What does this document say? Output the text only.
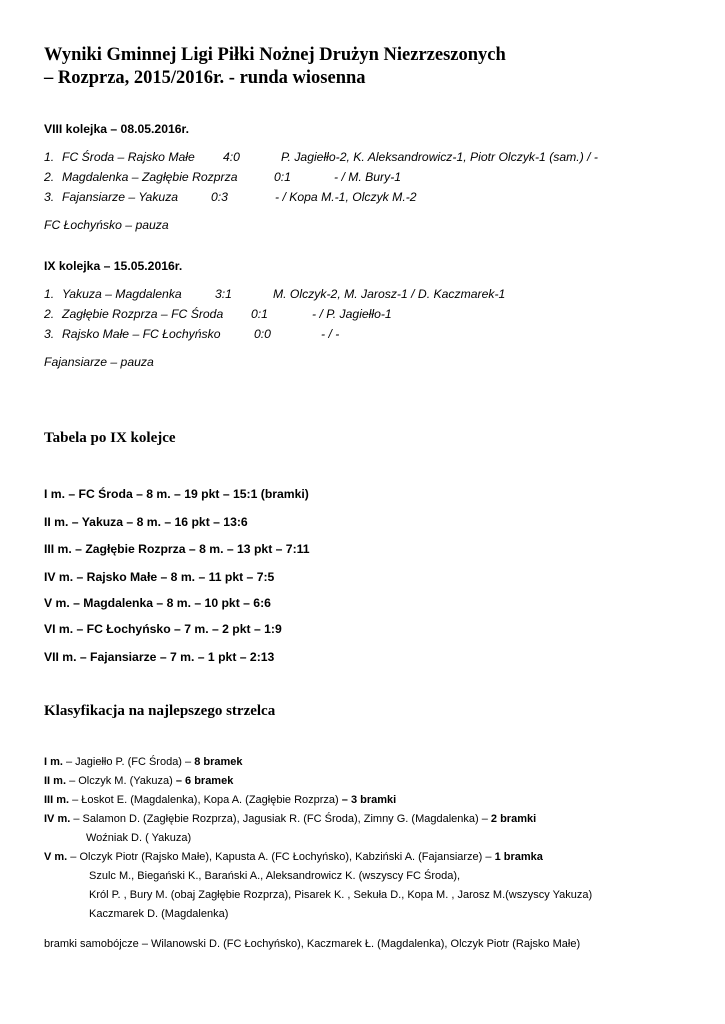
Wyniki Gminnej Ligi Piłki Nożnej Drużyn Niezrzeszonych
– Rozprza, 2015/2016r. - runda wiosenna
VIII kolejka – 08.05.2016r.
1. FC Środa – Rajsko Małe 4:0	P. Jagiełło-2, K. Aleksandrowicz-1, Piotr Olczyk-1 (sam.) / -
2. Magdalenka – Zagłębie Rozprza	0:1	- / M. Bury-1
3. Fajansiarze – Yakuza	0:3	- / Kopa M.-1, Olczyk M.-2
FC Łochyńsko – pauza
IX kolejka – 15.05.2016r.
1. Yakuza – Magdalenka	3:1	M. Olczyk-2, M. Jarosz-1 / D. Kaczmarek-1
2. Zagłębie Rozprza – FC Środa 0:1	- / P. Jagiełło-1
3. Rajsko Małe – FC Łochyńsko	0:0	- / -
Fajansiarze – pauza
Tabela po IX kolejce
I m. – FC Środa – 8 m. – 19 pkt – 15:1 (bramki)
II m. – Yakuza – 8 m. – 16 pkt – 13:6
III m. – Zagłębie Rozprza – 8 m. – 13 pkt – 7:11
IV m. – Rajsko Małe – 8 m. – 11 pkt – 7:5
V m. – Magdalenka – 8 m. – 10 pkt – 6:6
VI m. – FC Łochyńsko – 7 m. – 2 pkt – 1:9
VII m. – Fajansiarze – 7 m. – 1 pkt – 2:13
Klasyfikacja na najlepszego strzelca
I m. – Jagiełło P. (FC Środa) – 8 bramek
II m. – Olczyk M. (Yakuza) – 6 bramek
III m. – Łoskot E. (Magdalenka), Kopa A. (Zagłębie Rozprza) – 3 bramki
IV m. – Salamon D. (Zagłębie Rozprza), Jagusiak R. (FC Środa), Zimny G. (Magdalenka) – 2 bramki
Woźniak D. ( Yakuza)
V m. – Olczyk Piotr (Rajsko Małe), Kapusta A. (FC Łochyńsko), Kabziński A. (Fajansiarze) – 1 bramka
Szulc M., Biegański K., Barański A., Aleksandrowicz K. (wszyscy FC Środa),
Król P. , Bury M. (obaj Zagłębie Rozprza), Pisarek K. , Sekuła D., Kopa M. , Jarosz M.(wszyscy Yakuza)
Kaczmarek D. (Magdalenka)
bramki samobójcze – Wilanowski D. (FC Łochyńsko), Kaczmarek Ł. (Magdalenka), Olczyk Piotr (Rajsko Małe)
